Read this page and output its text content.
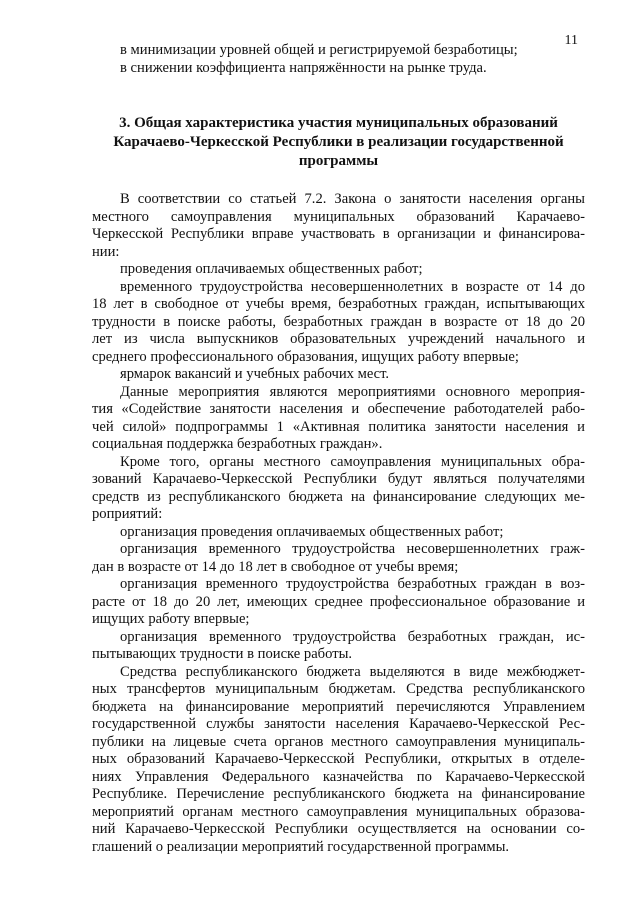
11

в минимизации уровней общей и регистрируемой безработицы;

в снижении коэффициента напряжённости на рынке труда.

3. Общая характеристика участия муниципальных образований
Карачаево-Черкесской Республики в реализации государственной
программы

В соответствии со статьей 7.2. Закона о занятости населения органы

местного самоуправления муниципальных образований Карачаево-

Черкесской Республики вправе участвовать в организации и финансирова-

нии:

проведения оплачиваемых общественных работ;

временного трудоустройства несовершеннолетних в возрасте от 14 до

18 лет в свободное от учебы время, безработных граждан, испытывающих

трудности в поиске работы, безработных граждан в возрасте от 18 до 20

лет из числа выпускников образовательных учреждений начального и

среднего профессионального образования, ищущих работу впервые;

ярмарок вакансий и учебных рабочих мест.

Данные мероприятия являются мероприятиями основного мероприя-

тия «Содействие занятости населения и обеспечение работодателей рабо-

чей силой» подпрограммы 1 «Активная политика занятости населения и

социальная поддержка безработных граждан».

Кроме того, органы местного самоуправления муниципальных обра-

зований Карачаево-Черкесской Республики будут являться получателями

средств из республиканского бюджета на финансирование следующих ме-

роприятий:

организация проведения оплачиваемых общественных работ;

организация временного трудоустройства несовершеннолетних граж-

дан в возрасте от 14 до 18 лет в свободное от учебы время;

организация временного трудоустройства безработных граждан в воз-

расте от 18 до 20 лет, имеющих среднее профессиональное образование и

ищущих работу впервые;

организация временного трудоустройства безработных граждан, ис-

пытывающих трудности в поиске работы.

Средства республиканского бюджета выделяются в виде межбюджет-

ных трансфертов муниципальным бюджетам. Средства республиканского

бюджета на финансирование мероприятий перечисляются Управлением

государственной службы занятости населения Карачаево-Черкесской Рес-

публики на лицевые счета органов местного самоуправления муниципаль-

ных образований Карачаево-Черкесской Республики, открытых в отделе-

ниях Управления Федерального казначейства по Карачаево-Черкесской

Республике. Перечисление республиканского бюджета на финансирование

мероприятий органам местного самоуправления муниципальных образова-

ний Карачаево-Черкесской Республики осуществляется на основании со-

глашений о реализации мероприятий государственной программы.
